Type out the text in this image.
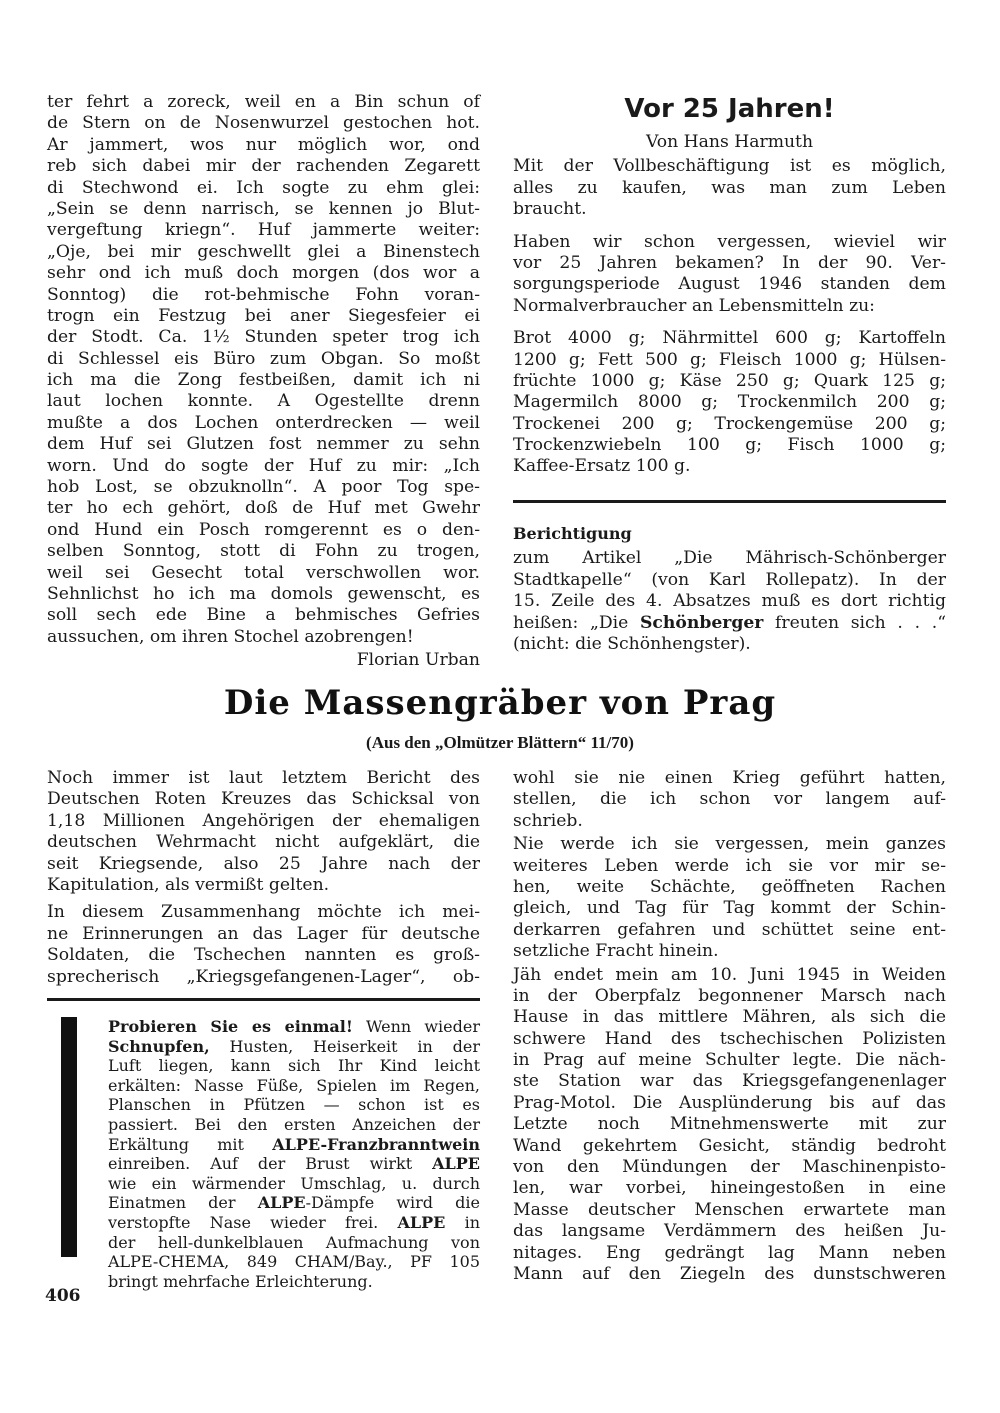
ter fehrt a zoreck, weil en a Bin schun of
de Stern on de Nosenwurzel gestochen hot.
Ar jammert, wos nur möglich wor, ond
reb sich dabei mir der rachenden Zegarett
di Stechwond ei. Ich sogte zu ehm glei:
„Sein se denn narrisch, se kennen jo Blut-
vergeftung kriegn“. Huf jammerte weiter:
„Oje, bei mir geschwellt glei a Binenstech
sehr ond ich muß doch morgen (dos wor a
Sonntog) die rot-behmische Fohn voran-
trogn ein Festzug bei aner Siegesfeier ei
der Stodt. Ca. 1½ Stunden speter trog ich
di Schlessel eis Büro zum Obgan. So moßt
ich ma die Zong festbeißen, damit ich ni
laut lochen konnte. A Ogestellte drenn
mußte a dos Lochen onterdrecken — weil
dem Huf sei Glutzen fost nemmer zu sehn
worn. Und do sogte der Huf zu mir: „Ich
hob Lost, se obzuknolln“. A poor Tog spe-
ter ho ech gehört, doß de Huf met Gwehr
ond Hund ein Posch romgerennt es o den-
selben Sonntog, stott di Fohn zu trogen,
weil sei Gesecht total verschwollen wor.
Sehnlichst ho ich ma domols gewenscht, es
soll sech ede Bine a behmisches Gefries
aussuchen, om ihren Stochel azobrengen!
Florian Urban
Vor 25 Jahren!
Von Hans Harmuth
Mit der Vollbeschäftigung ist es möglich,
alles zu kaufen, was man zum Leben
braucht.
Haben wir schon vergessen, wieviel wir
vor 25 Jahren bekamen? In der 90. Ver-
sorgungsperiode August 1946 standen dem
Normalverbraucher an Lebensmitteln zu:
Brot 4000 g; Nährmittel 600 g; Kartoffeln
1200 g; Fett 500 g; Fleisch 1000 g; Hülsen-
früchte 1000 g; Käse 250 g; Quark 125 g;
Magermilch 8000 g; Trockenmilch 200 g;
Trockenei 200 g; Trockengemüse 200 g;
Trockenzwiebeln 100 g; Fisch 1000 g;
Kaffee-Ersatz 100 g.
Berichtigung
zum Artikel „Die Mährisch-Schönberger
Stadtkapelle“ (von Karl Rollepatz). In der
15. Zeile des 4. Absatzes muß es dort richtig
heißen: „Die Schönberger freuten sich . . .“
(nicht: die Schönhengster).
Die Massengräber von Prag
(Aus den „Olmützer Blättern“ 11/70)
Noch immer ist laut letztem Bericht des
Deutschen Roten Kreuzes das Schicksal von
1,18 Millionen Angehörigen der ehemaligen
deutschen Wehrmacht nicht aufgeklärt, die
seit Kriegsende, also 25 Jahre nach der
Kapitulation, als vermißt gelten.
In diesem Zusammenhang möchte ich mei-
ne Erinnerungen an das Lager für deutsche
Soldaten, die Tschechen nannten es groß-
sprecherisch „Kriegsgefangenen-Lager“, ob-
Probieren Sie es einmal! Wenn wieder
Schnupfen, Husten, Heiserkeit in der
Luft liegen, kann sich Ihr Kind leicht
erkälten: Nasse Füße, Spielen im Regen,
Planschen in Pfützen — schon ist es
passiert. Bei den ersten Anzeichen der
Erkältung mit ALPE-Franzbranntwein
einreiben. Auf der Brust wirkt ALPE
wie ein wärmender Umschlag, u. durch
Einatmen der ALPE-Dämpfe wird die
verstopfte Nase wieder frei. ALPE in
der hell-dunkelblauen Aufmachung von
ALPE-CHEMA, 849 CHAM/Bay., PF 105
bringt mehrfache Erleichterung.
wohl sie nie einen Krieg geführt hatten,
stellen, die ich schon vor langem auf-
schrieb.
Nie werde ich sie vergessen, mein ganzes
weiteres Leben werde ich sie vor mir se-
hen, weite Schächte, geöffneten Rachen
gleich, und Tag für Tag kommt der Schin-
derkarren gefahren und schüttet seine ent-
setzliche Fracht hinein.
Jäh endet mein am 10. Juni 1945 in Weiden
in der Oberpfalz begonnener Marsch nach
Hause in das mittlere Mähren, als sich die
schwere Hand des tschechischen Polizisten
in Prag auf meine Schulter legte. Die näch-
ste Station war das Kriegsgefangenenlager
Prag-Motol. Die Ausplünderung bis auf das
Letzte noch Mitnehmenswerte mit zur
Wand gekehrtem Gesicht, ständig bedroht
von den Mündungen der Maschinenpisto-
len, war vorbei, hineingestoßen in eine
Masse deutscher Menschen erwartete man
das langsame Verdämmern des heißen Ju-
nitages. Eng gedrängt lag Mann neben
Mann auf den Ziegeln des dunstschweren
406
